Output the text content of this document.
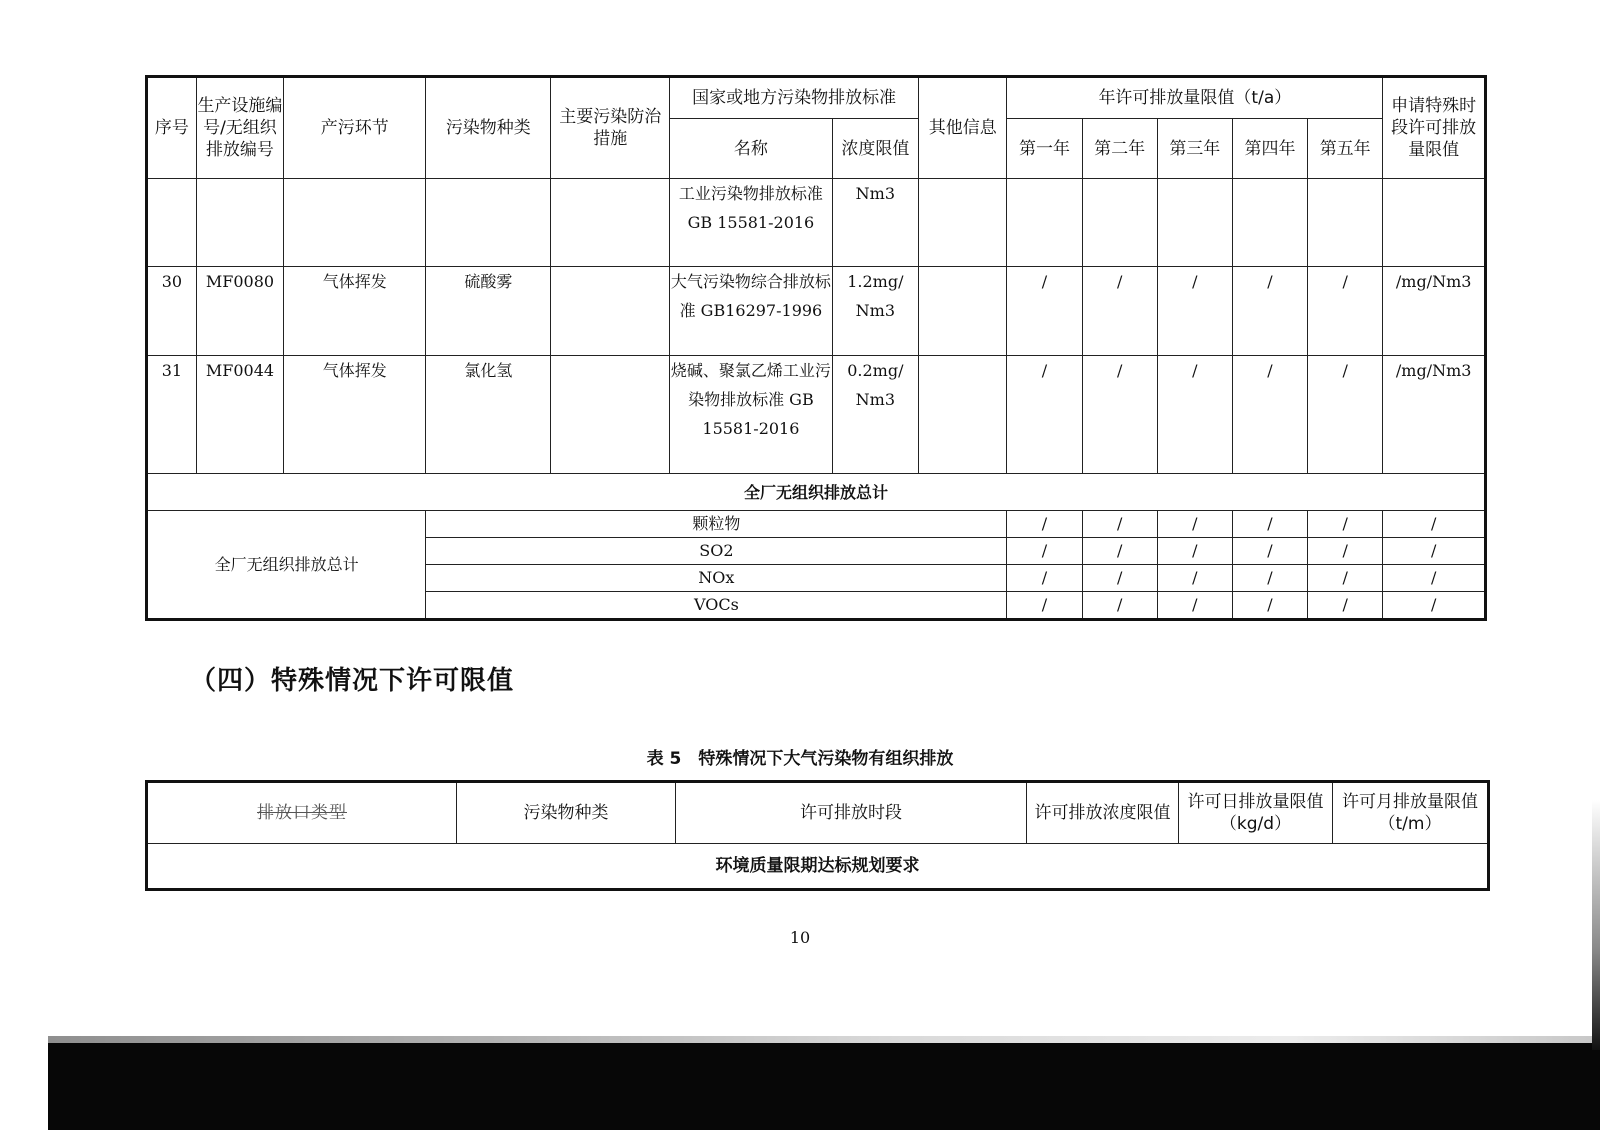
序号	生产设施编号/无组织排放编号	产污环节	污染物种类	主要污染防治措施	国家或地方污染物排放标准		其他信息	年许可排放量限值（t/a）					申请特殊时段许可排放量限值
					名称	浓度限值		第一年	第二年	第三年	第四年	第五年	
					工业污染物排放标准 GB 15581-2016	Nm3							
30	MF0080	气体挥发	硫酸雾		大气污染物综合排放标准 GB16297-1996	1.2mg/ Nm3		/	/	/	/	/	/mg/Nm3
31	MF0044	气体挥发	氯化氢		烧碱、聚氯乙烯工业污染物排放标准 GB 15581-2016	0.2mg/ Nm3		/	/	/	/	/	/mg/Nm3
全厂无组织排放总计													
全厂无组织排放总计			颗粒物					/	/	/	/	/	/
			SO2					/	/	/	/	/	/
			NOx					/	/	/	/	/	/
			VOCs					/	/	/	/	/	/
（四）特殊情况下许可限值
表 5　特殊情况下大气污染物有组织排放
排放口类型	污染物种类	许可排放时段	许可排放浓度限值	许可日排放量限值（kg/d）	许可月排放量限值（t/m）
环境质量限期达标规划要求
10
